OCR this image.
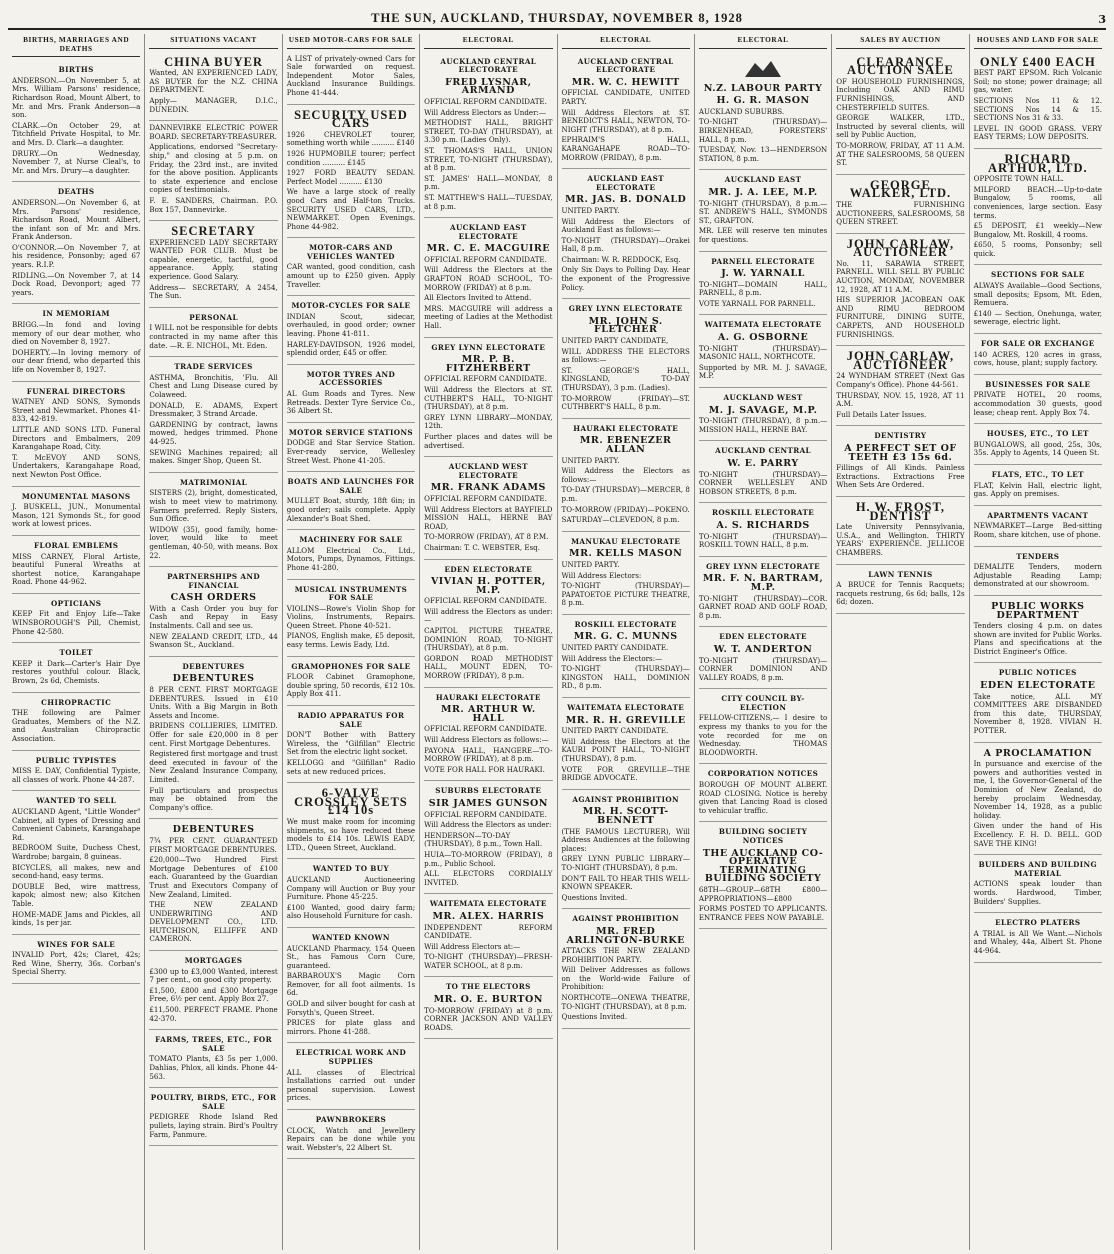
THE SUN, AUCKLAND, THURSDAY, NOVEMBER 8, 1928	3
BIRTHS, MARRIAGES AND DEATHS
BIRTHS

ANDERSON.—On November 5, at Mrs. William Parsons' residence, Richardson Road, Mount Albert, to Mr. and Mrs. Frank Anderson—a son.

CLARK.—On October 29, at Titchfield Private Hospital, to Mr. and Mrs. D. Clark—a daughter.

DRURY.—On Wednesday, November 7, at Nurse Cleal's, to Mr. and Mrs. Drury—a daughter.

DEATHS

ANDERSON.—On November 6, at Mrs. Parsons' residence, Richardson Road, Mount Albert, the infant son of Mr. and Mrs. Frank Anderson.

O'CONNOR.—On November 7, at his residence, Ponsonby; aged 67 years. R.I.P.

RIDLING.—On November 7, at 14 Dock Road, Devonport; aged 77 years.

IN MEMORIAM

BRIGG.—In fond and loving memory of our dear mother, who died on November 8, 1927.

DOHERTY.—In loving memory of our dear friend, who departed this life on November 8, 1927.

FUNERAL DIRECTORS

WATNEY AND SONS, Symonds Street and Newmarket. Phones 41-833, 42-819.

LITTLE AND SONS LTD. Funeral Directors and Embalmers, 209 Karangahape Road, City.

T. McEVOY AND SONS, Undertakers, Karangahape Road, next Newton Post Office.

MONUMENTAL MASONS

J. BUSKELL, JUN., Monumental Mason, 121 Symonds St., for good work at lowest prices.

FLORAL EMBLEMS

MISS CARNEY, Floral Artiste, beautiful Funeral Wreaths at shortest notice, Karangahape Road. Phone 44-962.

OPTICIANS

KEEP Fit and Enjoy Life—Take WINSBOROUGH'S Pill, Chemist, Phone 42-580.

TOILET

KEEP it Dark—Carter's Hair Dye restores youthful colour. Black, Brown, 2s 6d, Chemists.

CHIROPRACTIC

THE following are Palmer Graduates, Members of the N.Z. and Australian Chiropractic Association.

PUBLIC TYPISTES

MISS E. DAY, Confidential Typiste, all classes of work. Phone 44-287.

WANTED TO SELL

AUCKLAND Agent, "Little Wonder" Cabinet, all types of Dressing and Convenient Cabinets, Karangahape Rd.

BEDROOM Suite, Duchess Chest, Wardrobe; bargain, 8 guineas.

BICYCLES, all makes, new and second-hand, easy terms.

DOUBLE Bed, wire mattress, kapok; almost new; also Kitchen Table.

HOME-MADE Jams and Pickles, all kinds, 1s per jar.

WINES FOR SALE

INVALID Port, 42s; Claret, 42s; Red Wine, Sherry, 36s. Corban's Special Sherry.

SITUATIONS VACANT
CHINA BUYER

Wanted, AN EXPERIENCED LADY, AS BUYER for the N.Z. CHINA DEPARTMENT.

Apply— MANAGER, D.I.C., DUNEDIN.

DANNEVIRKE ELECTRIC POWER BOARD. SECRETARY-TREASURER.

Applications, endorsed "Secretary-ship," and closing at 5 p.m. on Friday, the 23rd inst., are invited for the above position. Applicants to state experience and enclose copies of testimonials.

F. E. SANDERS, Chairman. P.O. Box 157, Dannevirke.

SECRETARY

EXPERIENCED LADY SECRETARY WANTED FOR CLUB. Must be capable, energetic, tactful, good appearance. Apply, stating experience. Good Salary.

Address— SECRETARY, A 2454, The Sun.

PERSONAL

I WILL not be responsible for debts contracted in my name after this date. —R. E. NICHOL, Mt. Eden.

TRADE SERVICES

ASTHMA, Bronchitis, 'Flu. All Chest and Lung Disease cured by Colaweed.

DONALD, E. ADAMS, Expert Dressmaker, 3 Strand Arcade.

GARDENING by contract, lawns mowed, hedges trimmed. Phone 44-925.

SEWING Machines repaired; all makes. Singer Shop, Queen St.

MATRIMONIAL

SISTERS (2), bright, domesticated, wish to meet view to matrimony. Farmers preferred. Reply Sisters, Sun Office.

WIDOW (35), good family, home-lover, would like to meet gentleman, 40-50, with means. Box 22.

PARTNERSHIPS AND FINANCIAL
CASH ORDERS

With a Cash Order you buy for Cash and Repay in Easy Instalments. Call and see us.

NEW ZEALAND CREDIT, LTD., 44 Swanson St., Auckland.

DEBENTURES
DEBENTURES

8 PER CENT. FIRST MORTGAGE DEBENTURES. Issued in £10 Units. With a Big Margin in Both Assets and Income.

BRIDENS COLLIERIES, LIMITED. Offer for sale £20,000 in 8 per cent. First Mortgage Debentures.

Registered first mortgage and trust deed executed in favour of the New Zealand Insurance Company, Limited.

Full particulars and prospectus may be obtained from the Company's office.

DEBENTURES

7¾ PER CENT. GUARANTEED FIRST MORTGAGE DEBENTURES.

£20,000—Two Hundred First Mortgage Debentures of £100 each. Guaranteed by the Guardian Trust and Executors Company of New Zealand, Limited.

THE NEW ZEALAND UNDERWRITING AND DEVELOPMENT CO., LTD. HUTCHISON, ELLIFFE AND CAMERON.

MORTGAGES

£300 up to £3,000 Wanted, interest 7 per cent., on good city property.

£1,500, £800 and £300 Mortgage Free, 6½ per cent. Apply Box 27.

£11,500. PERFECT FRAME. Phone 42-370.

FARMS, TREES, ETC., FOR SALE

TOMATO Plants, £3 5s per 1,000. Dahlias, Phlox, all kinds. Phone 44-563.

POULTRY, BIRDS, ETC., FOR SALE

PEDIGREE Rhode Island Red pullets, laying strain. Bird's Poultry Farm, Panmure.

USED MOTOR-CARS FOR SALE

A LIST of privately-owned Cars for Sale forwarded on request. Independent Motor Sales, Auckland Insurance Buildings. Phone 41-444.

SECURITY USED CARS

1926 CHEVROLET tourer, something worth while .......... £140

1926 HUPMOBILE tourer; perfect condition .......... £145

1927 FORD BEAUTY SEDAN. Perfect Model .......... £130

We have a large stock of really good Cars and Half-ton Trucks. SECURITY USED CARS, LTD., NEWMARKET. Open Evenings. Phone 44-982.

MOTOR-CARS AND VEHICLES WANTED

CAR wanted, good condition, cash amount up to £250 given. Apply Traveller.

MOTOR-CYCLES FOR SALE

INDIAN Scout, sidecar, overhauled, in good order; owner leaving. Phone 41-811.

HARLEY-DAVIDSON, 1926 model, splendid order, £45 or offer.

MOTOR TYRES AND ACCESSORIES

AL Gum Roads and Tyres. New Retreads. Dexter Tyre Service Co., 36 Albert St.

MOTOR SERVICE STATIONS

DODGE and Star Service Station. Ever-ready service, Wellesley Street West. Phone 41-205.

BOATS AND LAUNCHES FOR SALE

MULLET Boat, sturdy, 18ft 6in; in good order; sails complete. Apply Alexander's Boat Shed.

MACHINERY FOR SALE

ALLOM Electrical Co., Ltd., Motors, Pumps, Dynamos, Fittings. Phone 41-280.

MUSICAL INSTRUMENTS FOR SALE

VIOLINS—Rowe's Violin Shop for Violins, Instruments, Repairs. Queen Street. Phone 40-521.

PIANOS, English make, £5 deposit, easy terms. Lewis Eady, Ltd.

GRAMOPHONES FOR SALE

FLOOR Cabinet Gramophone, double spring, 50 records, £12 10s. Apply Box 411.

RADIO APPARATUS FOR SALE

DON'T Bother with Battery Wireless, the "Gilfillan" Electric Set from the electric light socket.

KELLOGG and "Gilfillan" Radio sets at new reduced prices.

6-VALVE CROSSLEY SETS £14 10s

We must make room for incoming shipments, so have reduced these models to £14 10s. LEWIS EADY, LTD., Queen Street, Auckland.

WANTED TO BUY

AUCKLAND Auctioneering Company will Auction or Buy your Furniture. Phone 45-225.

£100 Wanted, good dairy farm; also Household Furniture for cash.

WANTED KNOWN

AUCKLAND Pharmacy, 154 Queen St., has Famous Corn Cure, guaranteed.

BARBAROUX'S Magic Corn Remover, for all foot ailments. 1s 6d.

GOLD and silver bought for cash at Forsyth's, Queen Street.

PRICES for plate glass and mirrors. Phone 41-288.

ELECTRICAL WORK AND SUPPLIES

ALL classes of Electrical Installations carried out under personal supervision. Lowest prices.

PAWNBROKERS

CLOCK, Watch and Jewellery Repairs can be done while you wait. Webster's, 22 Albert St.

ELECTORAL
AUCKLAND CENTRAL ELECTORATE
FRED LYSNAR, ARMAND

OFFICIAL REFORM CANDIDATE.

Will Address Electors as Under:—

METHODIST HALL, BRIGHT STREET, TO-DAY (THURSDAY), at 3.30 p.m. (Ladies Only).

ST. THOMAS'S HALL, UNION STREET, TO-NIGHT (THURSDAY), at 8 p.m.

ST. JAMES' HALL—MONDAY, 8 p.m.

ST. MATTHEW'S HALL—TUESDAY, at 8 p.m.

AUCKLAND EAST ELECTORATE
MR. C. E. MACGUIRE

OFFICIAL REFORM CANDIDATE.

Will Address the Electors at the GRAFTON ROAD SCHOOL, TO-MORROW (FRIDAY) at 8 p.m.

All Electors Invited to Attend.

MRS. MACGUIRE will address a meeting of Ladies at the Methodist Hall.

GREY LYNN ELECTORATE
MR. P. B. FITZHERBERT

OFFICIAL REFORM CANDIDATE.

Will Address the Electors at ST. CUTHBERT'S HALL, TO-NIGHT (THURSDAY), at 8 p.m.

GREY LYNN LIBRARY—MONDAY, 12th.

Further places and dates will be advertised.

AUCKLAND WEST ELECTORATE
MR. FRANK ADAMS

OFFICIAL REFORM CANDIDATE.

Will Address Electors at BAYFIELD MISSION HALL, HERNE BAY ROAD,

TO-MORROW (FRIDAY), AT 8 P.M.

Chairman: T. C. WEBSTER, Esq.

EDEN ELECTORATE
VIVIAN H. POTTER, M.P.

OFFICIAL REFORM CANDIDATE.

Will address the Electors as under:—

CAPITOL PICTURE THEATRE, DOMINION ROAD, TO-NIGHT (THURSDAY), at 8 p.m.

GORDON ROAD METHODIST HALL, MOUNT EDEN, TO-MORROW (FRIDAY), 8 p.m.

HAURAKI ELECTORATE
MR. ARTHUR W. HALL

OFFICIAL REFORM CANDIDATE.

Will Address Electors as follows:—

PAYONA HALL, HANGERE—TO-MORROW (FRIDAY), at 8 p.m.

VOTE FOR HALL FOR HAURAKI.

SUBURBS ELECTORATE
SIR JAMES GUNSON

OFFICIAL REFORM CANDIDATE.

Will Address the Electors as under:

HENDERSON—TO-DAY (THURSDAY), 8 p.m., Town Hall.

HUIA—TO-MORROW (FRIDAY), 8 p.m., Public School.

ALL ELECTORS CORDIALLY INVITED.

WAITEMATA ELECTORATE
MR. ALEX. HARRIS

INDEPENDENT REFORM CANDIDATE.

Will Address Electors at:—

TO-NIGHT (THURSDAY)—FRESH-WATER SCHOOL, at 8 p.m.

TO THE ELECTORS
MR. O. E. BURTON

TO-MORROW (FRIDAY) at 8 p.m. CORNER JACKSON AND VALLEY ROADS.

ELECTORAL
AUCKLAND CENTRAL ELECTORATE
MR. W. C. HEWITT

OFFICIAL CANDIDATE, UNITED PARTY.

Will Address Electors at ST. BENEDICT'S HALL, NEWTON, TO-NIGHT (THURSDAY), at 8 p.m.

EPHRAIM'S HALL, KARANGAHAPE ROAD—TO-MORROW (FRIDAY), 8 p.m.

AUCKLAND EAST ELECTORATE
MR. JAS. B. DONALD

UNITED PARTY.

Will Address the Electors of Auckland East as follows:—

TO-NIGHT (THURSDAY)—Orakei Hall, 8 p.m.

Chairman: W. R. REDDOCK, Esq.

Only Six Days to Polling Day. Hear the exponent of the Progressive Policy.

GREY LYNN ELECTORATE
MR. JOHN S. FLETCHER

UNITED PARTY CANDIDATE,

WILL ADDRESS THE ELECTORS as follows:—

ST. GEORGE'S HALL, KINGSLAND, TO-DAY (THURSDAY), 3 p.m. (Ladies).

TO-MORROW (FRIDAY)—ST. CUTHBERT'S HALL, 8 p.m.

HAURAKI ELECTORATE
MR. EBENEZER ALLAN

UNITED PARTY.

Will Address the Electors as follows:—

TO-DAY (THURSDAY)—MERCER, 8 p.m.

TO-MORROW (FRIDAY)—POKENO.

SATURDAY—CLEVEDON, 8 p.m.

MANUKAU ELECTORATE
MR. KELLS MASON

UNITED PARTY.

Will Address Electors:

TO-NIGHT (THURSDAY)—PAPATOETOE PICTURE THEATRE, 8 p.m.

ROSKILL ELECTORATE
MR. G. C. MUNNS

UNITED PARTY CANDIDATE.

Will Address the Electors:—

TO-NIGHT (THURSDAY)—KINGSTON HALL, DOMINION RD., 8 p.m.

WAITEMATA ELECTORATE
MR. R. H. GREVILLE

UNITED PARTY CANDIDATE.

Will Address the Electors at the KAURI POINT HALL, TO-NIGHT (THURSDAY), 8 p.m.

VOTE FOR GREVILLE—THE BRIDGE ADVOCATE.

AGAINST PROHIBITION
MR. H. SCOTT-BENNETT

(THE FAMOUS LECTURER), Will Address Audiences at the following places:

GREY LYNN PUBLIC LIBRARY—TO-NIGHT (THURSDAY), 8 p.m.

DON'T FAIL TO HEAR THIS WELL-KNOWN SPEAKER.

Questions Invited.

AGAINST PROHIBITION
MR. FRED ARLINGTON-BURKE

ATTACKS THE NEW ZEALAND PROHIBITION PARTY.

Will Deliver Addresses as follows on the World-wide Failure of Prohibition:

NORTHCOTE—ONEWA THEATRE, TO-NIGHT (THURSDAY), at 8 p.m.

Questions Invited.

ELECTORAL
N.Z. LABOUR PARTY
H. G. R. MASON

AUCKLAND SUBURBS.

TO-NIGHT (THURSDAY)—BIRKENHEAD, FORESTERS' HALL, 8 p.m.

TUESDAY, Nov. 13—HENDERSON STATION, 8 p.m.

AUCKLAND EAST
MR. J. A. LEE, M.P.

TO-NIGHT (THURSDAY), 8 p.m.—ST. ANDREW'S HALL, SYMONDS ST., GRAFTON.

MR. LEE will reserve ten minutes for questions.

PARNELL ELECTORATE
J. W. YARNALL

TO-NIGHT—DOMAIN HALL, PARNELL, 8 p.m.

VOTE YARNALL FOR PARNELL.

WAITEMATA ELECTORATE
A. G. OSBORNE

TO-NIGHT (THURSDAY)—MASONIC HALL, NORTHCOTE.

Supported by MR. M. J. SAVAGE, M.P.

AUCKLAND WEST
M. J. SAVAGE, M.P.

TO-NIGHT (THURSDAY), 8 p.m.—MISSION HALL, HERNE BAY.

AUCKLAND CENTRAL
W. E. PARRY

TO-NIGHT (THURSDAY)—CORNER WELLESLEY AND HOBSON STREETS, 8 p.m.

ROSKILL ELECTORATE
A. S. RICHARDS

TO-NIGHT (THURSDAY)—ROSKILL TOWN HALL, 8 p.m.

GREY LYNN ELECTORATE
MR. F. N. BARTRAM, M.P.

TO-NIGHT (THURSDAY)—COR. GARNET ROAD AND GOLF ROAD, 8 p.m.

EDEN ELECTORATE
W. T. ANDERTON

TO-NIGHT (THURSDAY)—CORNER DOMINION AND VALLEY ROADS, 8 p.m.

CITY COUNCIL BY-ELECTION

FELLOW-CITIZENS,— I desire to express my thanks to you for the vote recorded for me on Wednesday. THOMAS BLOODWORTH.

CORPORATION NOTICES

BOROUGH OF MOUNT ALBERT. ROAD CLOSING. Notice is hereby given that Lancing Road is closed to vehicular traffic.

BUILDING SOCIETY NOTICES
THE AUCKLAND CO-OPERATIVE TERMINATING BUILDING SOCIETY

68TH—GROUP—68TH £800—APPROPRIATIONS—£800

FORMS POSTED TO APPLICANTS. ENTRANCE FEES NOW PAYABLE.

SALES BY AUCTION
CLEARANCE AUCTION SALE

OF HOUSEHOLD FURNISHINGS, Including OAK AND RIMU FURNISHINGS, AND CHESTERFIELD SUITES.

GEORGE WALKER, LTD., Instructed by several clients, will sell by Public Auction,

TO-MORROW, FRIDAY, AT 11 A.M. AT THE SALESROOMS, 58 QUEEN ST.

GEORGE WALKER, LTD.

THE FURNISHING AUCTIONEERS, SALESROOMS, 58 QUEEN STREET.

JOHN CARLAW, AUCTIONEER

No. 11, SARAWIA STREET, PARNELL. WILL SELL BY PUBLIC AUCTION, MONDAY, NOVEMBER 12, 1928, AT 11 A.M.

HIS SUPERIOR JACOBEAN OAK AND RIMU BEDROOM FURNITURE, DINING SUITE, CARPETS, AND HOUSEHOLD FURNISHINGS.

JOHN CARLAW, AUCTIONEER

24 WYNDHAM STREET (Next Gas Company's Office). Phone 44-561.

THURSDAY, NOV. 15, 1928, AT 11 A.M.

Full Details Later Issues.

DENTISTRY
A PERFECT SET OF TEETH £3 15s 6d.

Fillings of All Kinds. Painless Extractions. Extractions Free When Sets Are Ordered.

H. W. FROST, DENTIST

Late University Pennsylvania, U.S.A., and Wellington. THIRTY YEARS' EXPERIENCE. JELLICOE CHAMBERS.

LAWN TENNIS

A BRUCE for Tennis Racquets; racquets restrung, 6s 6d; balls, 12s 6d; dozen.

HOUSES AND LAND FOR SALE
ONLY £400 EACH

BEST PART EPSOM. Rich Volcanic Soil; no stone; power drainage; all gas, water.

SECTIONS Nos 11 & 12. SECTIONS Nos 14 & 15. SECTIONS Nos 31 & 33.

LEVEL IN GOOD GRASS. VERY EASY TERMS; LOW DEPOSITS.

RICHARD ARTHUR, LTD.

OPPOSITE TOWN HALL.

MILFORD BEACH.—Up-to-date Bungalow, 5 rooms, all conveniences, large section. Easy terms.

£5 DEPOSIT, £1 weekly—New Bungalow, Mt. Roskill, 4 rooms.

£650, 5 rooms, Ponsonby; sell quick.

SECTIONS FOR SALE

ALWAYS Available—Good Sections, small deposits; Epsom, Mt. Eden, Remuera.

£140 — Section, Onehunga, water, sewerage, electric light.

FOR SALE OR EXCHANGE

140 ACRES, 120 acres in grass, cows, house, plant; supply factory.

BUSINESSES FOR SALE

PRIVATE HOTEL, 20 rooms, accommodation 30 guests, good lease; cheap rent. Apply Box 74.

HOUSES, ETC., TO LET

BUNGALOWS, all good, 25s, 30s, 35s. Apply to Agents, 14 Queen St.

FLATS, ETC., TO LET

FLAT, Kelvin Hall, electric light, gas. Apply on premises.

APARTMENTS VACANT

NEWMARKET—Large Bed-sitting Room, share kitchen, use of phone.

TENDERS

DEMALITE Tenders, modern Adjustable Reading Lamp; demonstrated at our showroom.

PUBLIC WORKS DEPARTMENT

Tenders closing 4 p.m. on dates shown are invited for Public Works. Plans and specifications at the District Engineer's Office.

PUBLIC NOTICES
EDEN ELECTORATE

Take notice, ALL MY COMMITTEES ARE DISBANDED from this date, THURSDAY, November 8, 1928. VIVIAN H. POTTER.

A PROCLAMATION

In pursuance and exercise of the powers and authorities vested in me, I, the Governor-General of the Dominion of New Zealand, do hereby proclaim Wednesday, November 14, 1928, as a public holiday.

Given under the hand of His Excellency. F. H. D. BELL. GOD SAVE THE KING!

BUILDERS AND BUILDING MATERIAL

ACTIONS speak louder than words. Hardwood, Timber, Builders' Supplies.

ELECTRO PLATERS

A TRIAL is All We Want.—Nichols and Whaley, 44a, Albert St. Phone 44-964.
